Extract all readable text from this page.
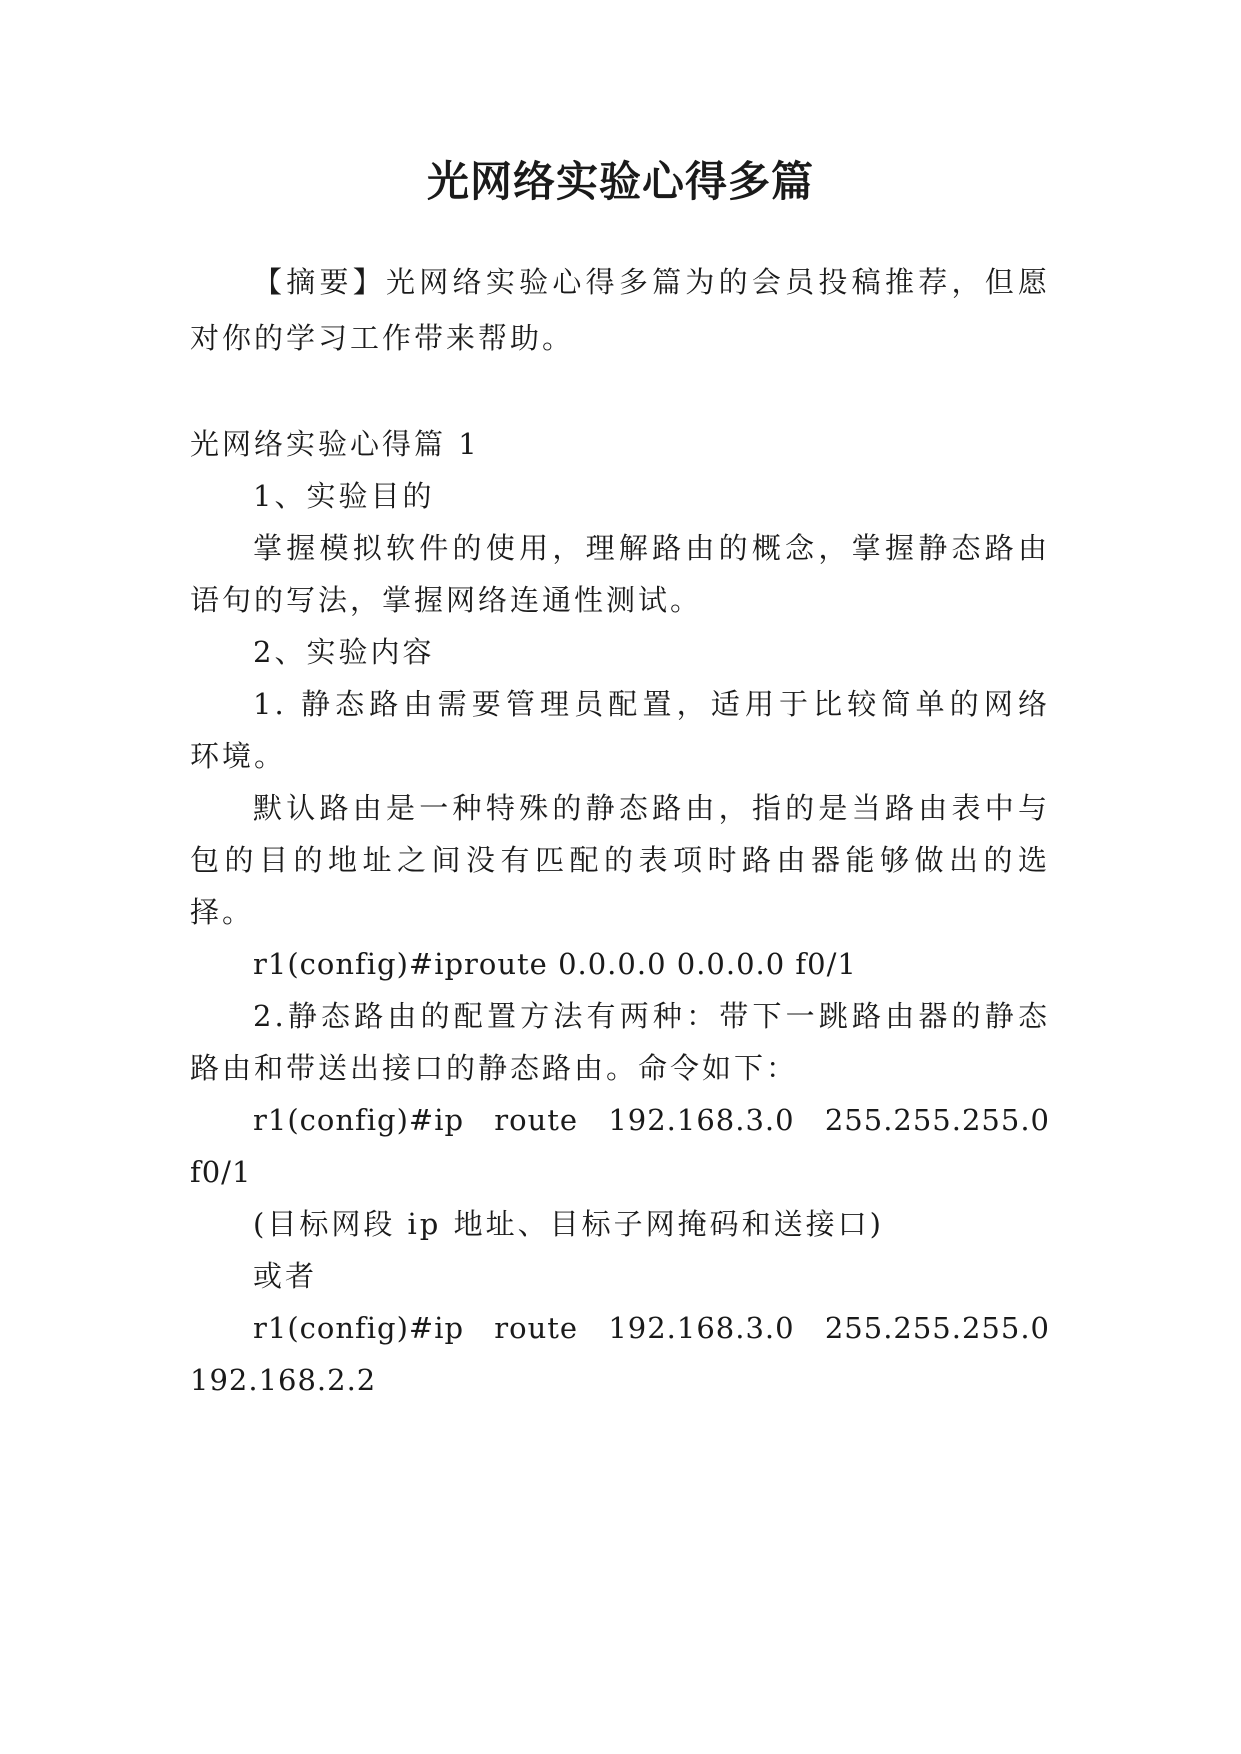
光网络实验心得多篇
【摘要】光网络实验心得多篇为的会员投稿推荐，但愿
对你的学习工作带来帮助。
光网络实验心得篇 1
1、实验目的
掌握模拟软件的使用，理解路由的概念，掌握静态路由
语句的写法，掌握网络连通性测试。
2、实验内容
1. 静态路由需要管理员配置，适用于比较简单的网络
环境。
默认路由是一种特殊的静态路由，指的是当路由表中与
包的目的地址之间没有匹配的表项时路由器能够做出的选
择。
r1(config)#iproute 0.0.0.0 0.0.0.0 f0/1
2.静态路由的配置方法有两种：带下一跳路由器的静态
路由和带送出接口的静态路由。命令如下：
r1(config)#ip route 192.168.3.0 255.255.255.0
f0/1
(目标网段 ip 地址、目标子网掩码和送接口)
或者
r1(config)#ip route 192.168.3.0 255.255.255.0
192.168.2.2
